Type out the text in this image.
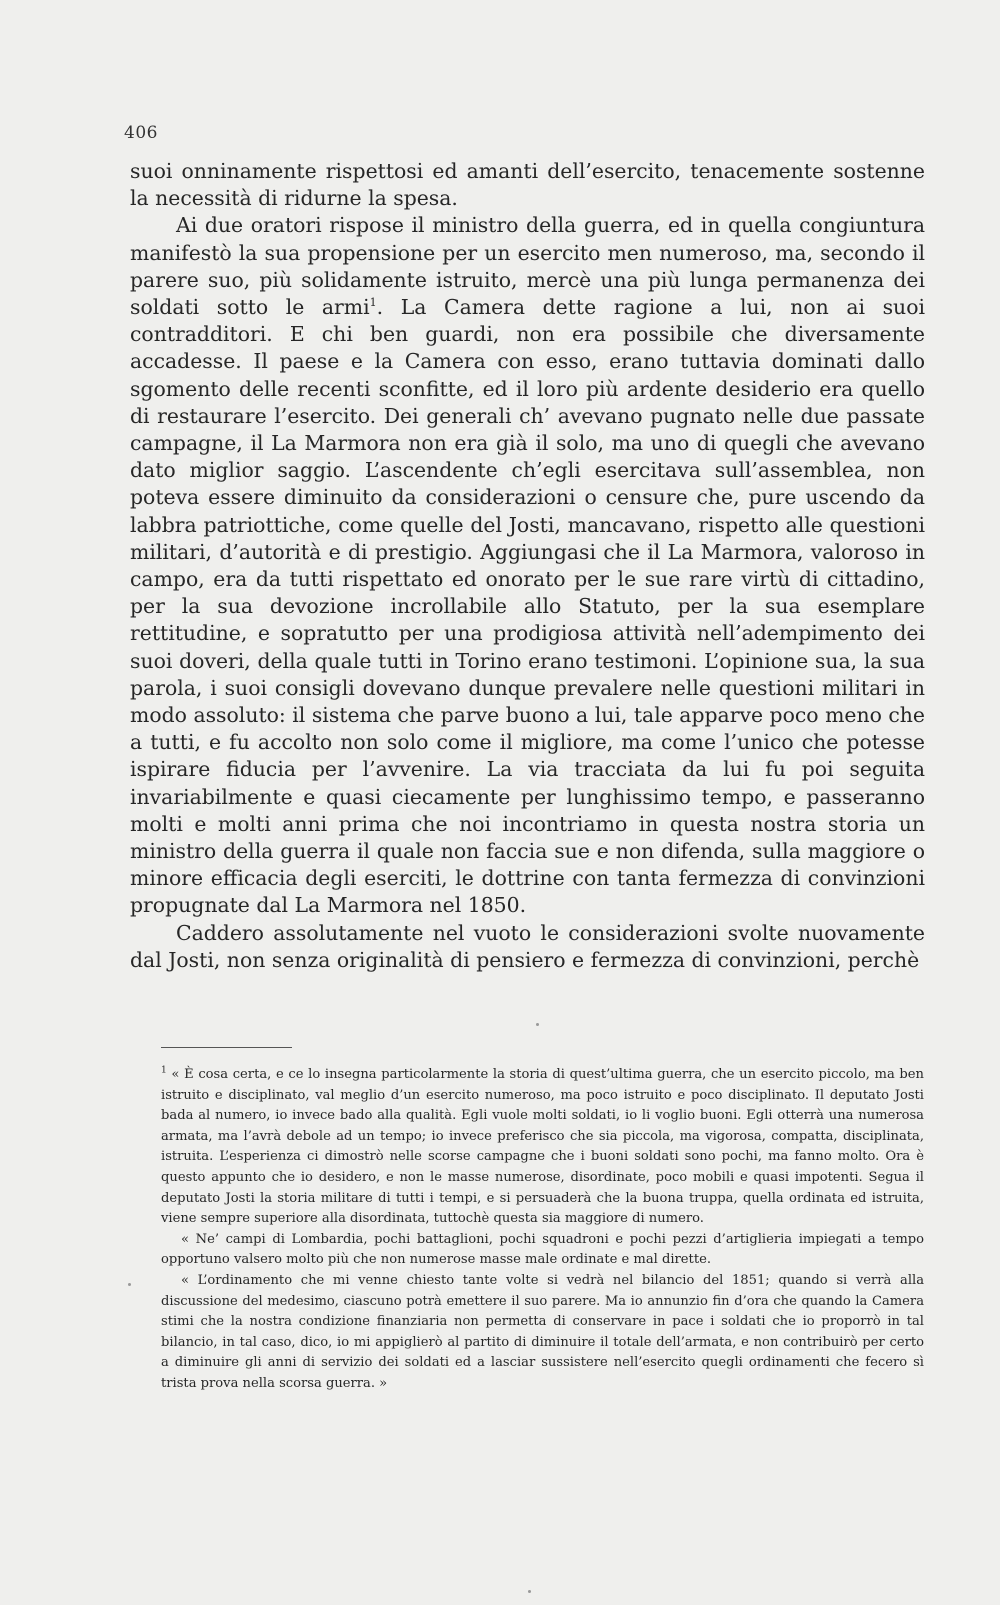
406

suoi onninamente rispettosi ed amanti dell’esercito, tenacemente sostenne la necessità di ridurne la spesa.

Ai due oratori rispose il ministro della guerra, ed in quella congiuntura manifestò la sua propensione per un esercito men numeroso, ma, secondo il parere suo, più solidamente istruito, mercè una più lunga permanenza dei soldati sotto le armi$^1$. La Camera dette ragione a lui, non ai suoi contradditori. E chi ben guardi, non era possibile che diversamente accadesse. Il paese e la Camera con esso, erano tuttavia dominati dallo sgomento delle recenti sconfitte, ed il loro più ardente desiderio era quello di restaurare l’esercito. Dei generali ch’ avevano pugnato nelle due passate campagne, il La Marmora non era già il solo, ma uno di quegli che avevano dato miglior saggio. L’ascendente ch’egli esercitava sull’assemblea, non poteva essere diminuito da considerazioni o censure che, pure uscendo da labbra patriottiche, come quelle del Josti, mancavano, rispetto alle questioni militari, d’autorità e di prestigio. Aggiungasi che il La Marmora, valoroso in campo, era da tutti rispettato ed onorato per le sue rare virtù di cittadino, per la sua devozione incrollabile allo Statuto, per la sua esemplare rettitudine, e sopratutto per una prodigiosa attività nell’adempimento dei suoi doveri, della quale tutti in Torino erano testimoni. L’opinione sua, la sua parola, i suoi consigli dovevano dunque prevalere nelle questioni militari in modo assoluto: il sistema che parve buono a lui, tale apparve poco meno che a tutti, e fu accolto non solo come il migliore, ma come l’unico che potesse ispirare fiducia per l’avvenire. La via tracciata da lui fu poi seguita invariabilmente e quasi ciecamente per lunghissimo tempo, e passeranno molti e molti anni prima che noi incontriamo in questa nostra storia un ministro della guerra il quale non faccia sue e non difenda, sulla maggiore o minore efficacia degli eserciti, le dottrine con tanta fermezza di convinzioni propugnate dal La Marmora nel 1850.

Caddero assolutamente nel vuoto le considerazioni svolte nuovamente dal Josti, non senza originalità di pensiero e fermezza di convinzioni, perchè

$^1$ « È cosa certa, e ce lo insegna particolarmente la storia di quest’ultima guerra, che un esercito piccolo, ma ben istruito e disciplinato, val meglio d’un esercito numeroso, ma poco istruito e poco disciplinato. Il deputato Josti bada al numero, io invece bado alla qualità. Egli vuole molti soldati, io li voglio buoni. Egli otterrà una numerosa armata, ma l’avrà debole ad un tempo; io invece preferisco che sia piccola, ma vigorosa, compatta, disciplinata, istruita. L’esperienza ci dimostrò nelle scorse campagne che i buoni soldati sono pochi, ma fanno molto. Ora è questo appunto che io desidero, e non le masse numerose, disordinate, poco mobili e quasi impotenti. Segua il deputato Josti la storia militare di tutti i tempi, e si persuaderà che la buona truppa, quella ordinata ed istruita, viene sempre superiore alla disordinata, tuttochè questa sia maggiore di numero.

« Ne’ campi di Lombardia, pochi battaglioni, pochi squadroni e pochi pezzi d’artiglieria impiegati a tempo opportuno valsero molto più che non numerose masse male ordinate e mal dirette.

« L’ordinamento che mi venne chiesto tante volte si vedrà nel bilancio del 1851; quando si verrà alla discussione del medesimo, ciascuno potrà emettere il suo parere. Ma io annunzio fin d’ora che quando la Camera stimi che la nostra condizione finanziaria non permetta di conservare in pace i soldati che io proporrò in tal bilancio, in tal caso, dico, io mi appiglierò al partito di diminuire il totale dell’armata, e non contribuirò per certo a diminuire gli anni di servizio dei soldati ed a lasciar sussistere nell’esercito quegli ordinamenti che fecero sì trista prova nella scorsa guerra. »
